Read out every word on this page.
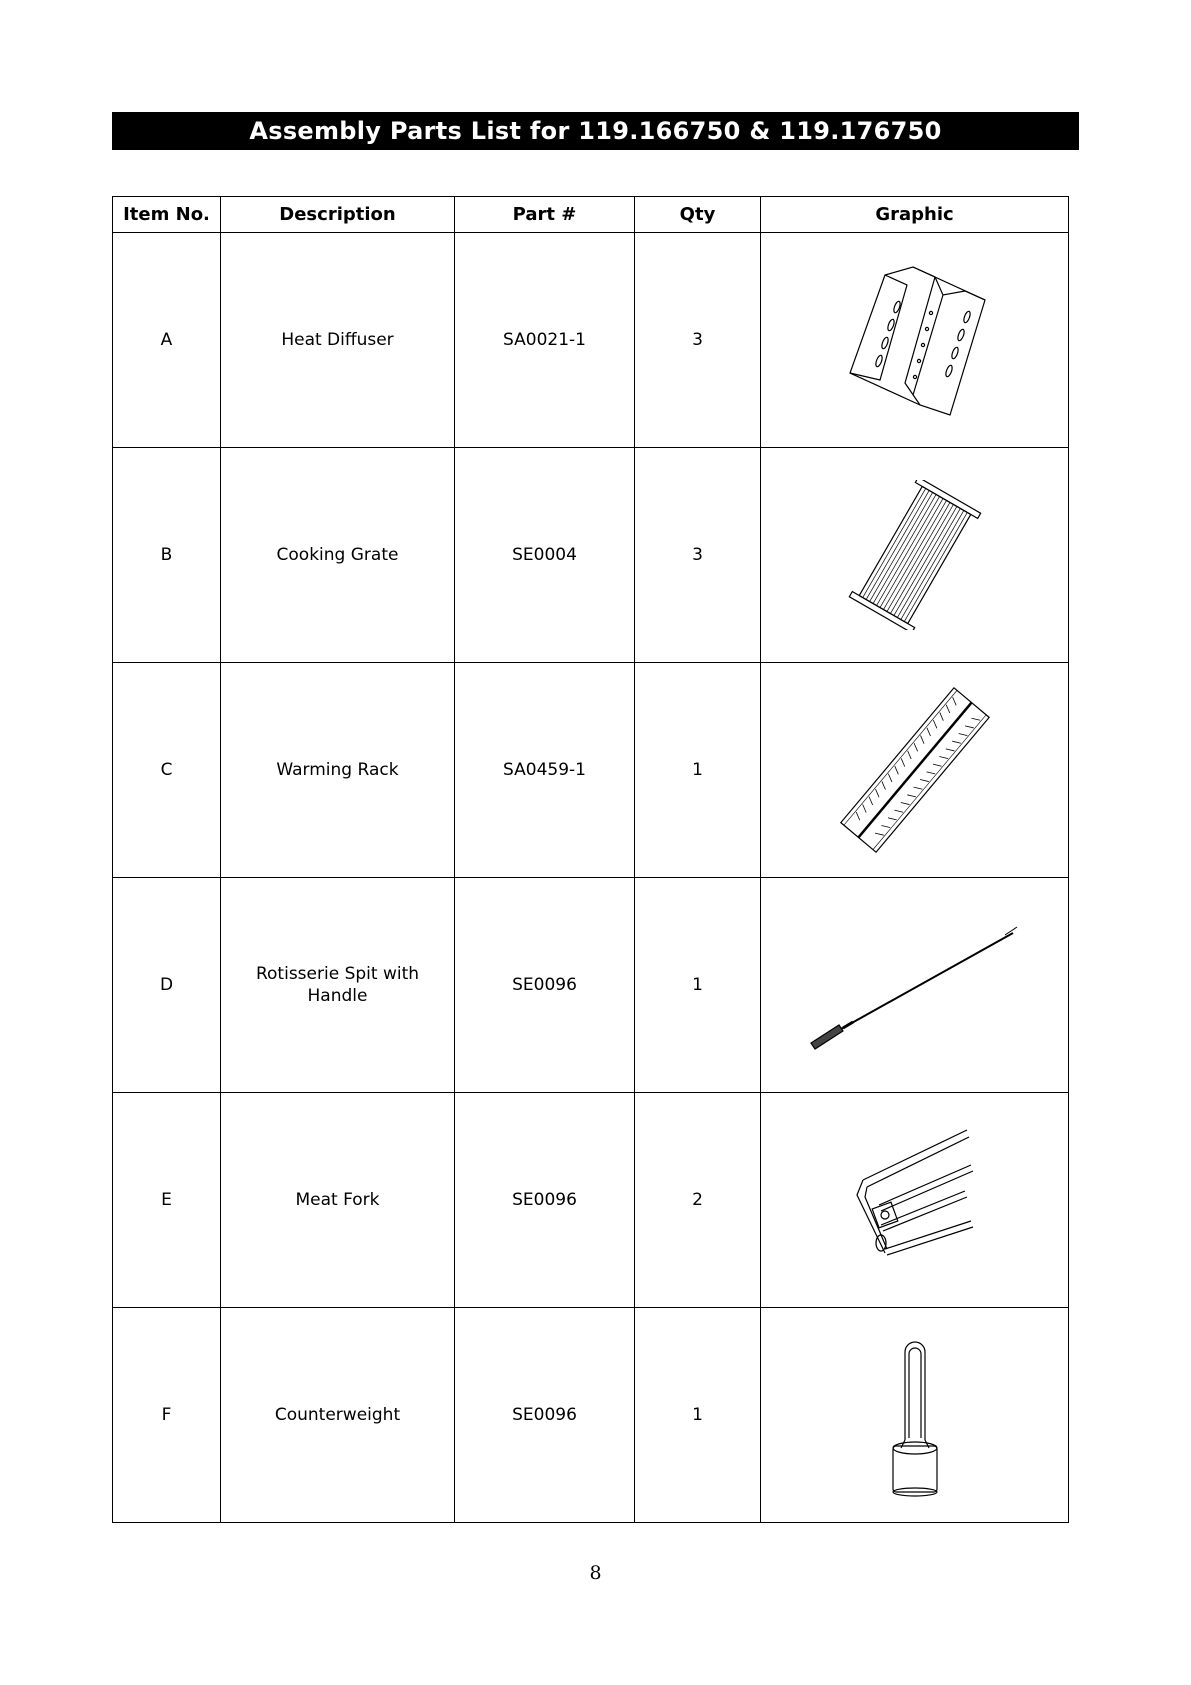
Assembly Parts List for 119.166750 & 119.176750
Item No.	Description	Part #	Qty	Graphic
A	Heat Diffuser	SA0021-1	3	

B	Cooking Grate	SE0004	3	

C	Warming Rack	SA0459-1	1	

D	Rotisserie Spit with Handle	SE0096	1	

E	Meat Fork	SE0096	2	

F	Counterweight	SE0096	1	
8
